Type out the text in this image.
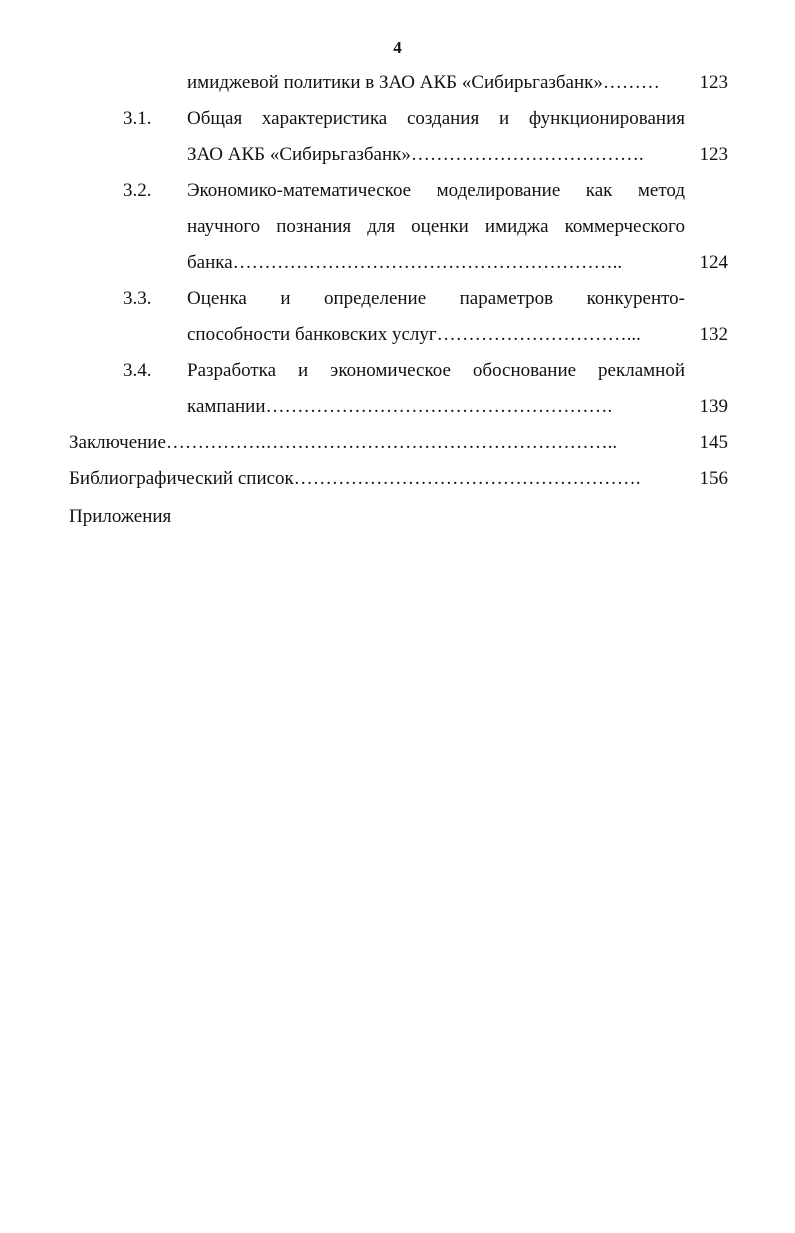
4
имиджевой политики в ЗАО АКБ «Сибирьгазбанк» ………	123
3.1. Общая характеристика создания и функционирования
ЗАО АКБ «Сибирьгазбанк» ……………………………….	123
3.2. Экономико-математическое моделирование как метод
научного познания для оценки имиджа коммерческого
банка ……………………………………………………..	124
3.3. Оценка и определение параметров конкуренто-
способности банковских услуг …………………………...	132
3.4. Разработка и экономическое обоснование рекламной
кампании ……………………………………………….	139
Заключение …………….………………………………………………..	145
Библиографический список ……………………………………………….	156
Приложения
